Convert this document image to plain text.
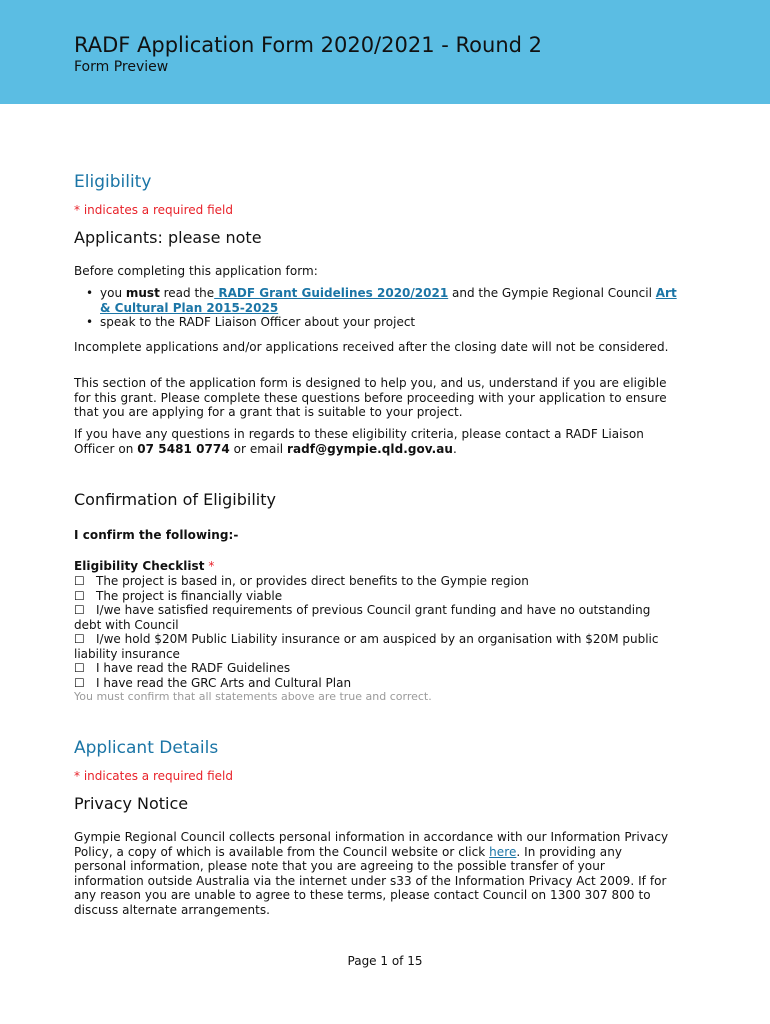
RADF Application Form 2020/2021 - Round 2
Form Preview
Eligibility
* indicates a required field
Applicants: please note
Before completing this application form:
• you must read the RADF Grant Guidelines 2020/2021 and the Gympie Regional Council Art & Cultural Plan 2015-2025
• speak to the RADF Liaison Officer about your project
Incomplete applications and/or applications received after the closing date will not be considered.
This section of the application form is designed to help you, and us, understand if you are eligible for this grant. Please complete these questions before proceeding with your application to ensure that you are applying for a grant that is suitable to your project.
If you have any questions in regards to these eligibility criteria, please contact a RADF Liaison Officer on 07 5481 0774 or email radf@gympie.qld.gov.au.
Confirmation of Eligibility
I confirm the following:-
Eligibility Checklist *
☐ The project is based in, or provides direct benefits to the Gympie region
☐ The project is financially viable
☐ I/we have satisfied requirements of previous Council grant funding and have no outstanding debt with Council
☐ I/we hold $20M Public Liability insurance or am auspiced by an organisation with $20M public liability insurance
☐ I have read the RADF Guidelines
☐ I have read the GRC Arts and Cultural Plan
You must confirm that all statements above are true and correct.
Applicant Details
* indicates a required field
Privacy Notice
Gympie Regional Council collects personal information in accordance with our Information Privacy Policy, a copy of which is available from the Council website or click here. In providing any personal information, please note that you are agreeing to the possible transfer of your information outside Australia via the internet under s33 of the Information Privacy Act 2009. If for any reason you are unable to agree to these terms, please contact Council on 1300 307 800 to discuss alternate arrangements.
Page 1 of 15
